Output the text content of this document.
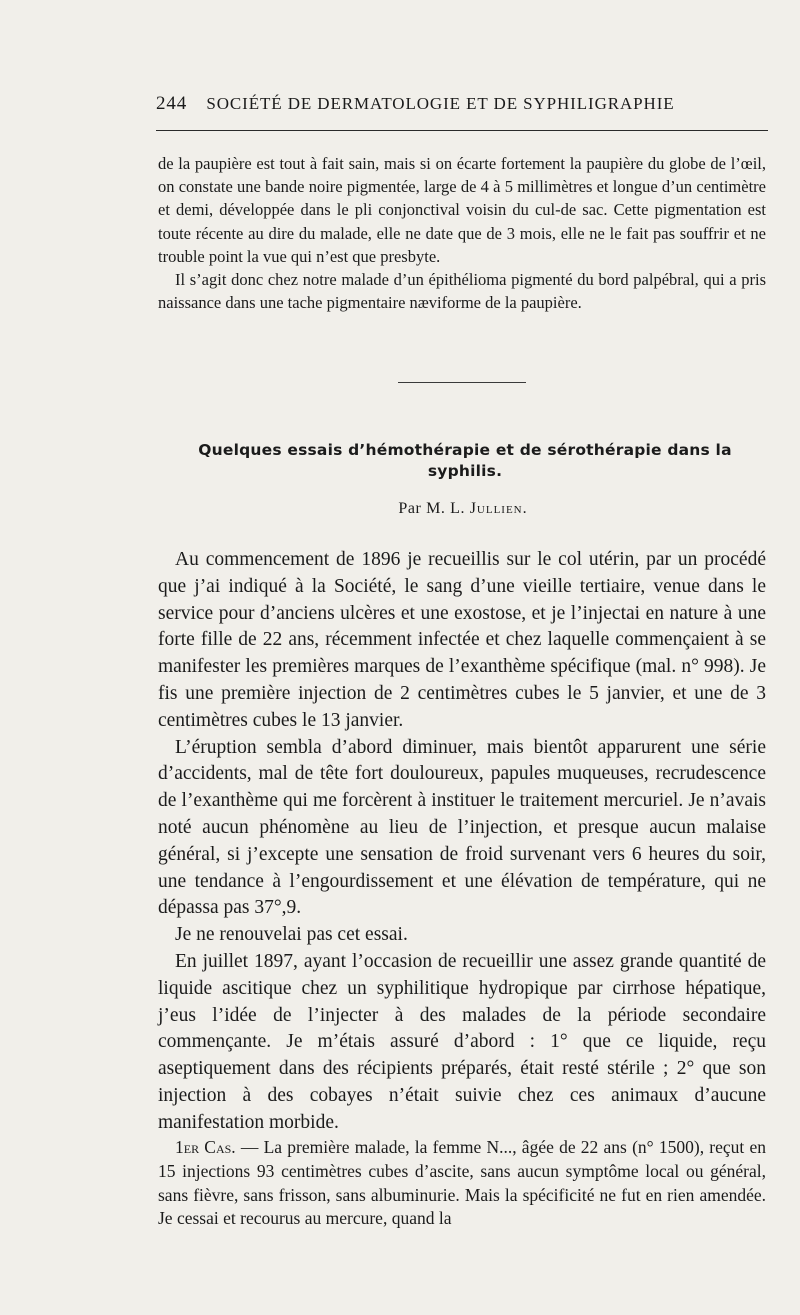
244 SOCIÉTÉ DE DERMATOLOGIE ET DE SYPHILIGRAPHIE

de la paupière est tout à fait sain, mais si on écarte fortement la paupière du globe de l’œil, on constate une bande noire pigmentée, large de 4 à 5 millimètres et longue d’un centimètre et demi, développée dans le pli conjonctival voisin du cul-de sac. Cette pigmentation est toute récente au dire du malade, elle ne date que de 3 mois, elle ne le fait pas souffrir et ne trouble point la vue qui n’est que presbyte.

Il s’agit donc chez notre malade d’un épithélioma pigmenté du bord palpébral, qui a pris naissance dans une tache pigmentaire næviforme de la paupière.

Quelques essais d’hémothérapie et de sérothérapie dans la syphilis.
Par M. L. Jullien.

Au commencement de 1896 je recueillis sur le col utérin, par un procédé que j’ai indiqué à la Société, le sang d’une vieille tertiaire, venue dans le service pour d’anciens ulcères et une exostose, et je l’injectai en nature à une forte fille de 22 ans, récemment infectée et chez laquelle commençaient à se manifester les premières marques de l’exanthème spécifique (mal. n° 998). Je fis une première injection de 2 centimètres cubes le 5 janvier, et une de 3 centimètres cubes le 13 janvier.

L’éruption sembla d’abord diminuer, mais bientôt apparurent une série d’accidents, mal de tête fort douloureux, papules muqueuses, recrudescence de l’exanthème qui me forcèrent à instituer le traitement mercuriel. Je n’avais noté aucun phénomène au lieu de l’injection, et presque aucun malaise général, si j’excepte une sensation de froid survenant vers 6 heures du soir, une tendance à l’engourdissement et une élévation de température, qui ne dépassa pas 37°,9.

Je ne renouvelai pas cet essai.

En juillet 1897, ayant l’occasion de recueillir une assez grande quantité de liquide ascitique chez un syphilitique hydropique par cirrhose hépatique, j’eus l’idée de l’injecter à des malades de la période secondaire commençante. Je m’étais assuré d’abord : 1° que ce liquide, reçu aseptiquement dans des récipients préparés, était resté stérile ; 2° que son injection à des cobayes n’était suivie chez ces animaux d’aucune manifestation morbide.

1er Cas. — La première malade, la femme N..., âgée de 22 ans (n° 1500), reçut en 15 injections 93 centimètres cubes d’ascite, sans aucun symptôme local ou général, sans fièvre, sans frisson, sans albuminurie. Mais la spécificité ne fut en rien amendée. Je cessai et recourus au mercure, quand la
